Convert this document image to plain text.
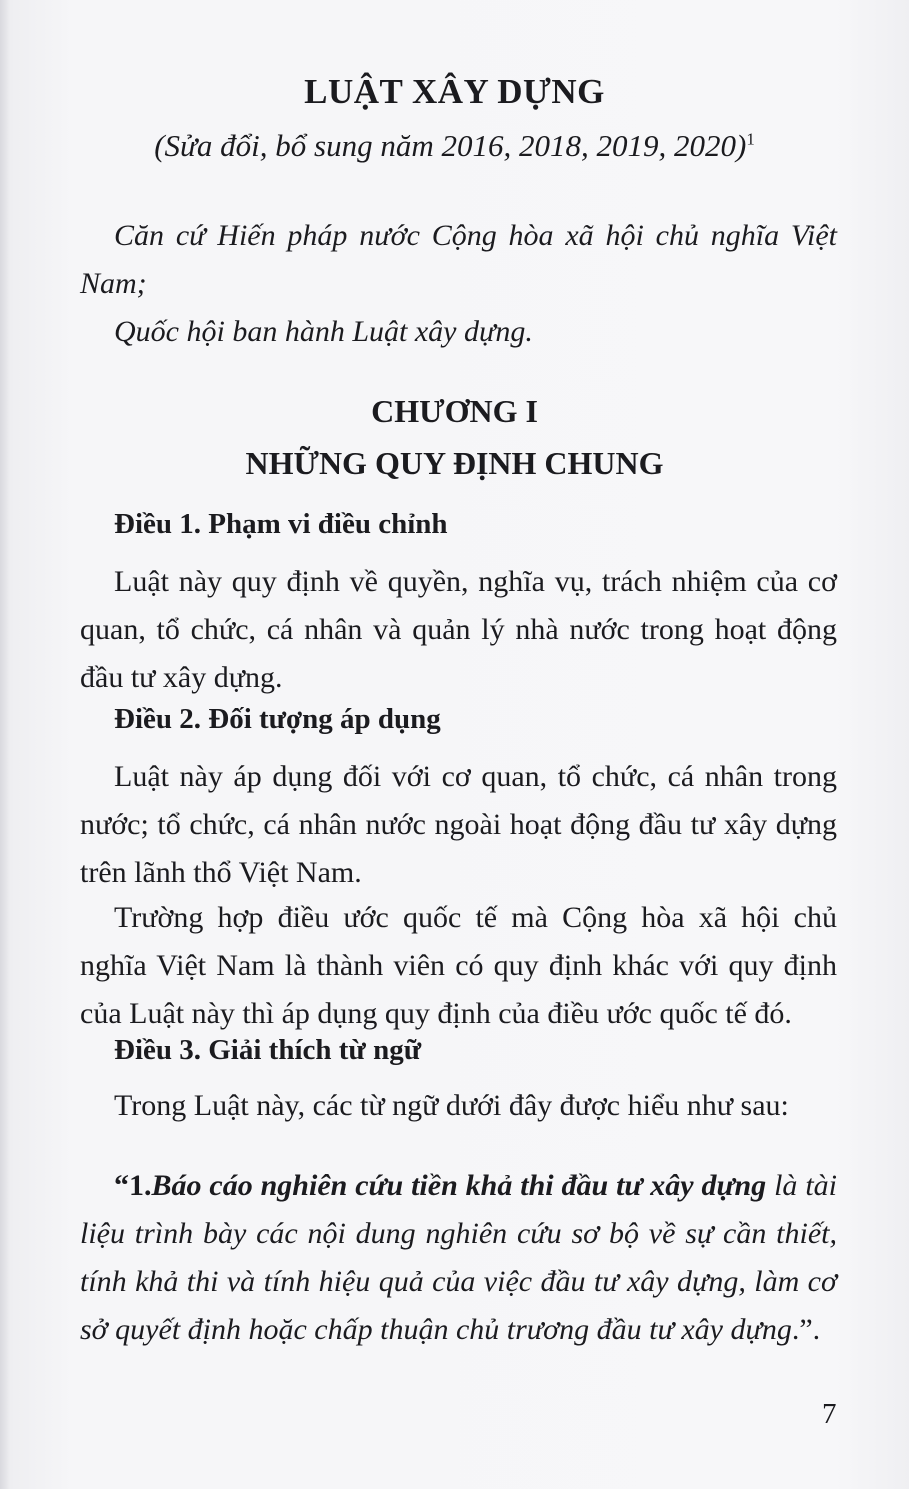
LUẬT XÂY DỰNG
(Sửa đổi, bổ sung năm 2016, 2018, 2019, 2020)$^1$
Căn cứ Hiến pháp nước Cộng hòa xã hội chủ nghĩa Việt Nam;
Quốc hội ban hành Luật xây dựng.
CHƯƠNG I
NHỮNG QUY ĐỊNH CHUNG
Điều 1. Phạm vi điều chỉnh
Luật này quy định về quyền, nghĩa vụ, trách nhiệm của cơ quan, tổ chức, cá nhân và quản lý nhà nước trong hoạt động đầu tư xây dựng.
Điều 2. Đối tượng áp dụng
Luật này áp dụng đối với cơ quan, tổ chức, cá nhân trong nước; tổ chức, cá nhân nước ngoài hoạt động đầu tư xây dựng trên lãnh thổ Việt Nam.
Trường hợp điều ước quốc tế mà Cộng hòa xã hội chủ nghĩa Việt Nam là thành viên có quy định khác với quy định của Luật này thì áp dụng quy định của điều ước quốc tế đó.
Điều 3. Giải thích từ ngữ
Trong Luật này, các từ ngữ dưới đây được hiểu như sau:
“1.Báo cáo nghiên cứu tiền khả thi đầu tư xây dựng là tài liệu trình bày các nội dung nghiên cứu sơ bộ về sự cần thiết, tính khả thi và tính hiệu quả của việc đầu tư xây dựng, làm cơ sở quyết định hoặc chấp thuận chủ trương đầu tư xây dựng.”.
7
